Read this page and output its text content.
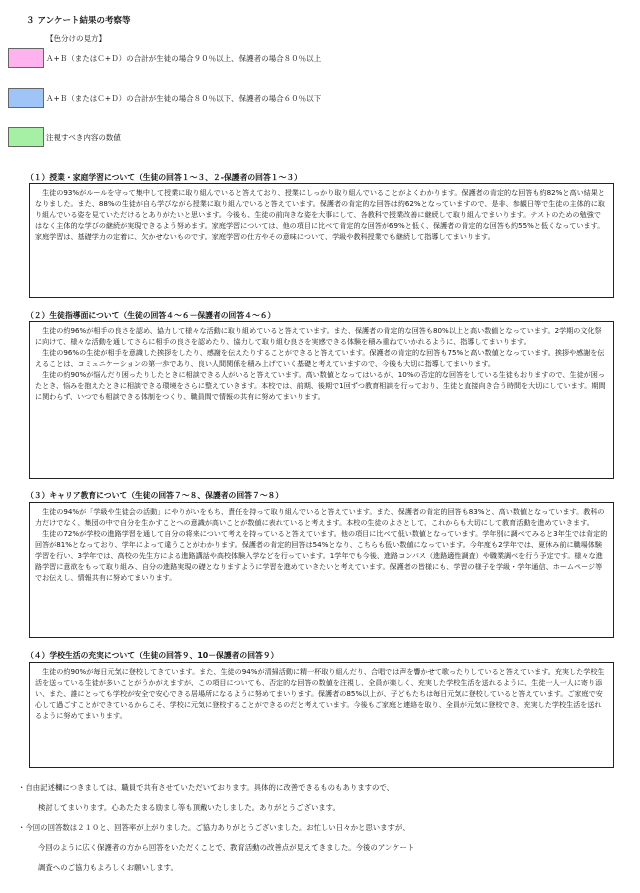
３ アンケート結果の考察等
【色分けの見方】
Ａ+Ｂ（またはＣ+Ｄ）の合計が生徒の場合９０％以上、保護者の場合８０％以上
Ａ+Ｂ（またはＣ+Ｄ）の合計が生徒の場合８０％以下、保護者の場合６０％以下
注視すべき内容の数値
（１）授業・家庭学習について（生徒の回答１～３、２-保護者の回答１～３）

生徒の93%がルールを守って集中して授業に取り組んでいると答えており、授業にしっかり取り組んでいることがよくわかります。保護者の肯定的な回答も約82%と高い結果となりました。また、88%の生徒が自ら学びながら授業に取り組んでいると答えています。保護者の肯定的な回答は約62%となっていますので、是非、参観日等で生徒の主体的に取り組んでいる姿を見ていただけるとありがたいと思います。今後も、生徒の前向きな姿を大事にして、各教科で授業改善に継続して取り組んでまいります。テストのための勉強ではなく主体的な学びの継続が実現できるよう努めます。家庭学習については、他の項目に比べて肯定的な回答が69%と低く、保護者の肯定的な回答も約55%と低くなっています。家庭学習は、基礎学力の定着に、欠かせないものです。家庭学習の仕方やその意味について、学級や教科授業でも継続して指導してまいります。

（２）生徒指導面について（生徒の回答４～６－保護者の回答４～６）

生徒の約96%が相手の良さを認め、協力して様々な活動に取り組めていると答えています。また、保護者の肯定的な回答も80%以上と高い数値となっています。2学期の文化祭に向けて、様々な活動を通してさらに相手の良さを認めたり、協力して取り組む良さを実感できる体験を積み重ねていかれるように、指導してまいります。

生徒の96%の生徒が相手を意識した挨拶をしたり、感謝を伝えたりすることができると答えています。保護者の肯定的な回答も75%と高い数値となっています。挨拶や感謝を伝えることは、コミュニケーションの第一歩であり、良い人間関係を積み上げていく基礎と考えていますので、今後も大切に指導してまいります。

生徒の約90%が悩んだり困ったりしたときに相談できる人がいると答えています。高い数値となってはいるが、10%の否定的な回答をしている生徒もおりますので、生徒が困ったとき、悩みを抱えたときに相談できる環境をさらに整えていきます。本校では、前期、後期で1回ずつ教育相談を行っており、生徒と直接向き合う時間を大切にしています。期間に関わらず、いつでも相談できる体制をつくり、職員間で情報の共有に努めてまいります。

（３）キャリア教育について（生徒の回答７～８、保護者の回答７～８）

生徒の94%が「学級や生徒会の活動」にやりがいをもち、責任を持って取り組んでいると答えています。また、保護者の肯定的回答も83%と、高い数値となっています。教科の力だけでなく、集団の中で自分を生かすことへの意識が高いことが数値に表れていると考えます。本校の生徒のよさとして、これからも大切にして教育活動を進めていきます。

生徒の72%が学校の進路学習を通して自分の将来について考えを持っていると答えています。他の項目に比べて低い数値となっています。学年別に調べてみると3年生では肯定的回答が81%となっており、学年によって違うことがわかります。保護者の肯定的回答は54%となり、こちらも低い数値になっています。今年度も2学年では、夏休み前に職場体験学習を行い、3学年では、高校の先生方による進路講話や高校体験入学などを行っています。1学年でも今後、進路コンパス（進路適性調査）や職業調べを行う予定です。様々な進路学習に意欲をもって取り組み、自分の進路実現の礎となりますように学習を進めていきたいと考えています。保護者の皆様にも、学習の様子を学級・学年通信、ホームページ等でお伝えし、情報共有に努めてまいります。

（４）学校生活の充実について（生徒の回答９、10－保護者の回答９）

生徒の約90%が毎日元気に登校してきています。また、生徒の94%が清掃活動に精一杯取り組んだり、合唱では声を響かせて歌ったりしていると答えています。充実した学校生活を送っている生徒が多いことがうかがえますが、この項目についても、否定的な回答の数値を注視し、全員が楽しく、充実した学校生活を送れるように、生徒一人一人に寄り添い、また、誰にとっても学校が安全で安心できる居場所になるように努めてまいります。保護者の85%以上が、子どもたちは毎日元気に登校していると答えています。ご家庭で安心して過ごすことができているからこそ、学校に元気に登校することができるのだと考えています。今後もご家庭と連絡を取り、全員が元気に登校でき、充実した学校生活を送れるように努めてまいります。

・自由記述欄につきましては、職員で共有させていただいております。具体的に改善できるものもありますので、
検討してまいります。心あたたまる励まし等も頂戴いたしました。ありがとうございます。
・今回の回答数は２１０と、回答率が上がりました。ご協力ありがとうございました。お忙しい日々かと思いますが、
今回のように広く保護者の方から回答をいただくことで、教育活動の改善点が見えてきました。今後のアンケート
調査へのご協力もよろしくお願いします。
